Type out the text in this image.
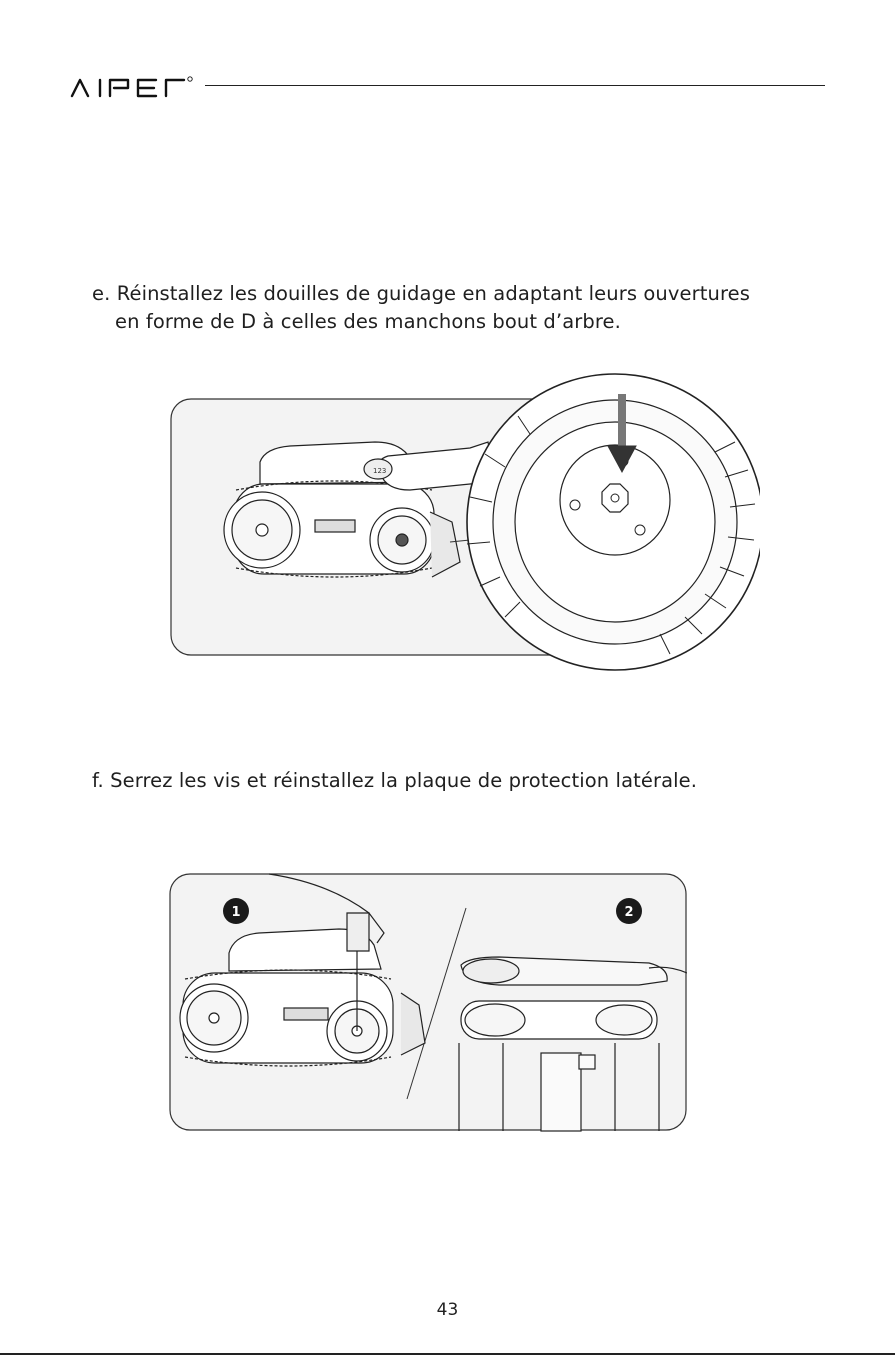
e. Réinstallez les douilles de guidage en adaptant leurs ouvertures
en forme de D à celles des manchons bout d’arbre.
123
f. Serrez les vis et réinstallez la plaque de protection latérale.
1	2
43
